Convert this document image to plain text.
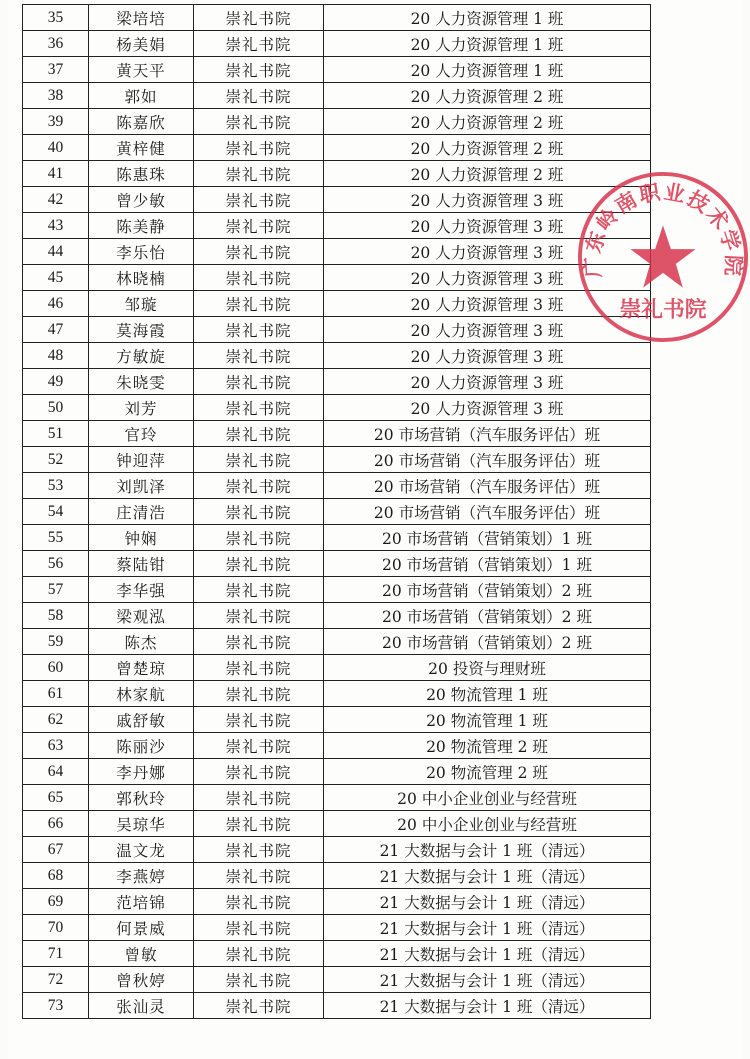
35	梁培培	崇礼书院	20 人力资源管理 1 班
36	杨美娟	崇礼书院	20 人力资源管理 1 班
37	黄天平	崇礼书院	20 人力资源管理 1 班
38	郭如	崇礼书院	20 人力资源管理 2 班
39	陈嘉欣	崇礼书院	20 人力资源管理 2 班
40	黄梓健	崇礼书院	20 人力资源管理 2 班
41	陈惠珠	崇礼书院	20 人力资源管理 2 班
42	曾少敏	崇礼书院	20 人力资源管理 3 班
43	陈美静	崇礼书院	20 人力资源管理 3 班
44	李乐怡	崇礼书院	20 人力资源管理 3 班
45	林晓楠	崇礼书院	20 人力资源管理 3 班
46	邹璇	崇礼书院	20 人力资源管理 3 班
47	莫海霞	崇礼书院	20 人力资源管理 3 班
48	方敏旋	崇礼书院	20 人力资源管理 3 班
49	朱晓雯	崇礼书院	20 人力资源管理 3 班
50	刘芳	崇礼书院	20 人力资源管理 3 班
51	官玲	崇礼书院	20 市场营销（汽车服务评估）班
52	钟迎萍	崇礼书院	20 市场营销（汽车服务评估）班
53	刘凯泽	崇礼书院	20 市场营销（汽车服务评估）班
54	庄清浩	崇礼书院	20 市场营销（汽车服务评估）班
55	钟娴	崇礼书院	20 市场营销（营销策划）1 班
56	蔡陆钳	崇礼书院	20 市场营销（营销策划）1 班
57	李华强	崇礼书院	20 市场营销（营销策划）2 班
58	梁观泓	崇礼书院	20 市场营销（营销策划）2 班
59	陈杰	崇礼书院	20 市场营销（营销策划）2 班
60	曾楚琼	崇礼书院	20 投资与理财班
61	林家航	崇礼书院	20 物流管理 1 班
62	戚舒敏	崇礼书院	20 物流管理 1 班
63	陈丽沙	崇礼书院	20 物流管理 2 班
64	李丹娜	崇礼书院	20 物流管理 2 班
65	郭秋玲	崇礼书院	20 中小企业创业与经营班
66	吴琼华	崇礼书院	20 中小企业创业与经营班
67	温文龙	崇礼书院	21 大数据与会计 1 班（清远）
68	李燕婷	崇礼书院	21 大数据与会计 1 班（清远）
69	范培锦	崇礼书院	21 大数据与会计 1 班（清远）
70	何景威	崇礼书院	21 大数据与会计 1 班（清远）
71	曾敏	崇礼书院	21 大数据与会计 1 班（清远）
72	曾秋婷	崇礼书院	21 大数据与会计 1 班（清远）
73	张汕灵	崇礼书院	21 大数据与会计 1 班（清远）
广东岭南职业技术学院
崇礼书院
